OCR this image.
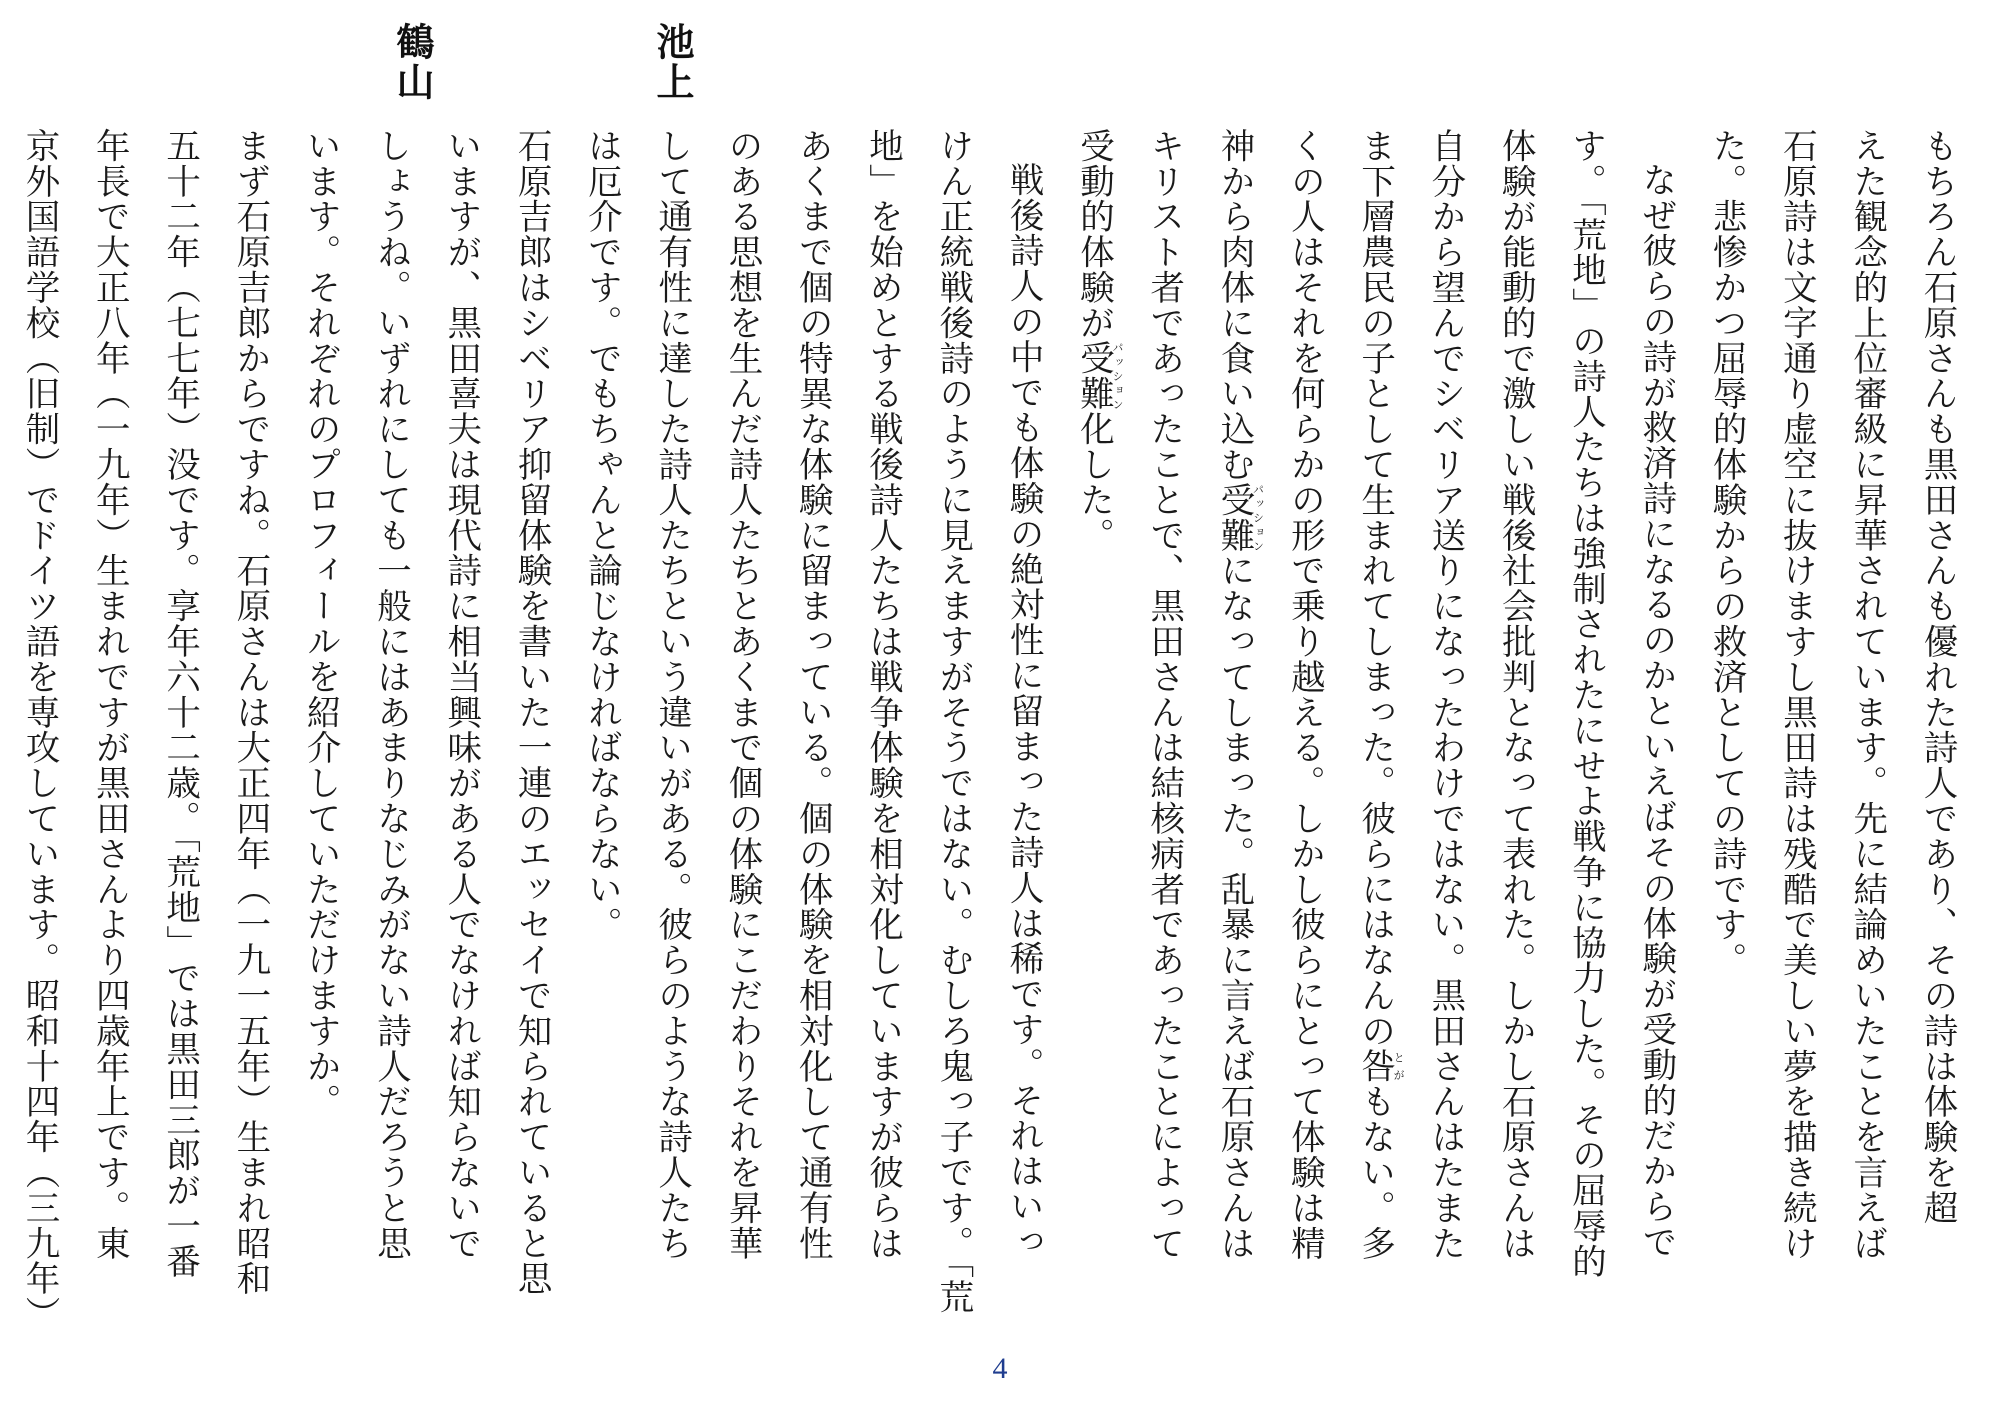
池上
鶴山
もちろん石原さんも黒田さんも優れた詩人であり、その詩は体験を超
えた観念的上位審級に昇華されています。先に結論めいたことを言えば
石原詩は文字通り虚空に抜けますし黒田詩は残酷で美しい夢を描き続け
た。悲惨かつ屈辱的体験からの救済としての詩です。
なぜ彼らの詩が救済詩になるのかといえばその体験が受動的だからで
す。「荒地」の詩人たちは強制されたにせよ戦争に協力した。その屈辱的
体験が能動的で激しい戦後社会批判となって表れた。しかし石原さんは
自分から望んでシベリア送りになったわけではない。黒田さんはたまた
ま下層農民の子として生まれてしまった。彼らにはなんの咎とがもない。多
くの人はそれを何らかの形で乗り越える。しかし彼らにとって体験は精
神から肉体に食い込む受難パッションになってしまった。乱暴に言えば石原さんは
キリスト者であったことで、黒田さんは結核病者であったことによって
受動的体験が受難パッション化した。
戦後詩人の中でも体験の絶対性に留まった詩人は稀です。それはいっ
けん正統戦後詩のように見えますがそうではない。むしろ鬼っ子です。「荒
地」を始めとする戦後詩人たちは戦争体験を相対化していますが彼らは
あくまで個の特異な体験に留まっている。個の体験を相対化して通有性
のある思想を生んだ詩人たちとあくまで個の体験にこだわりそれを昇華
して通有性に達した詩人たちという違いがある。彼らのような詩人たち
は厄介です。でもちゃんと論じなければならない。
石原吉郎はシベリア抑留体験を書いた一連のエッセイで知られていると思
いますが、黒田喜夫は現代詩に相当興味がある人でなければ知らないで
しょうね。いずれにしても一般にはあまりなじみがない詩人だろうと思
います。それぞれのプロフィールを紹介していただけますか。
まず石原吉郎からですね。石原さんは大正四年（一九一五年）生まれ昭和
五十二年（七七年）没です。享年六十二歳。「荒地」では黒田三郎が一番
年長で大正八年（一九年）生まれですが黒田さんより四歳年上です。東
京外国語学校（旧制）でドイツ語を専攻しています。昭和十四年（三九年）
4
